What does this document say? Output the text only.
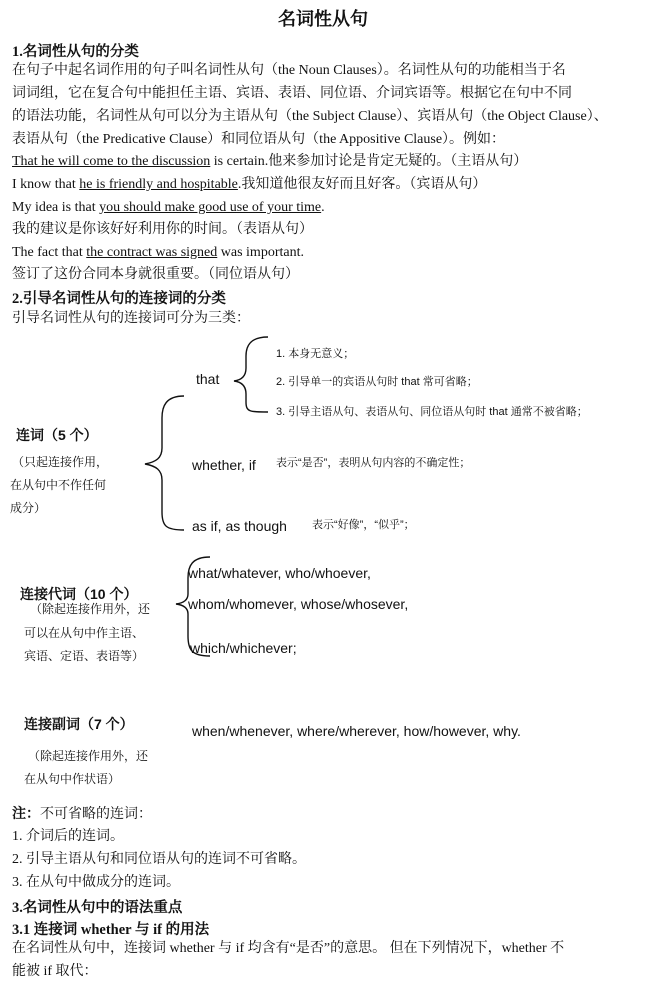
名词性从句
1.名词性从句的分类
在句子中起名词作用的句子叫名词性从句（the Noun Clauses）。名词性从句的功能相当于名
词词组，它在复合句中能担任主语、宾语、表语、同位语、介词宾语等。根据它在句中不同
的语法功能，名词性从句可以分为主语从句（the Subject Clause）、宾语从句（the Object Clause）、
表语从句（the Predicative Clause）和同位语从句（the Appositive Clause）。例如：
That he will come to the discussion is certain.他来参加讨论是肯定无疑的。（主语从句）
I know that he is friendly and hospitable.我知道他很友好而且好客。（宾语从句）
My idea is that you should make good use of your time.
我的建议是你该好好利用你的时间。（表语从句）
The fact that the contract was signed was important.
签订了这份合同本身就很重要。（同位语从句）
2.引导名词性从句的连接词的分类
引导名词性从句的连接词可分为三类：
that
1. 本身无意义；
2. 引导单一的宾语从句时 that 常可省略；
3. 引导主语从句、表语从句、同位语从句时 that 通常不被省略；
连词（5 个）
（只起连接作用，
在从句中不作任何
成分）
whether, if 表示“是否”，表明从句内容的不确定性；
as if, as though 表示“好像”，“似乎”；
what/whatever, who/whoever,
whom/whomever, whose/whosever,
which/whichever;
连接代词（10 个）
（除起连接作用外，还
可以在从句中作主语、
宾语、定语、表语等）
连接副词（7 个）	when/whenever, where/wherever, how/however, why.
（除起连接作用外，还
在从句中作状语）
注：不可省略的连词：
1. 介词后的连词。
2. 引导主语从句和同位语从句的连词不可省略。
3. 在从句中做成分的连词。
3.名词性从句中的语法重点
3.1 连接词 whether 与 if 的用法
在名词性从句中，连接词 whether 与 if 均含有“是否”的意思。 但在下列情况下，whether 不
能被 if 取代：
